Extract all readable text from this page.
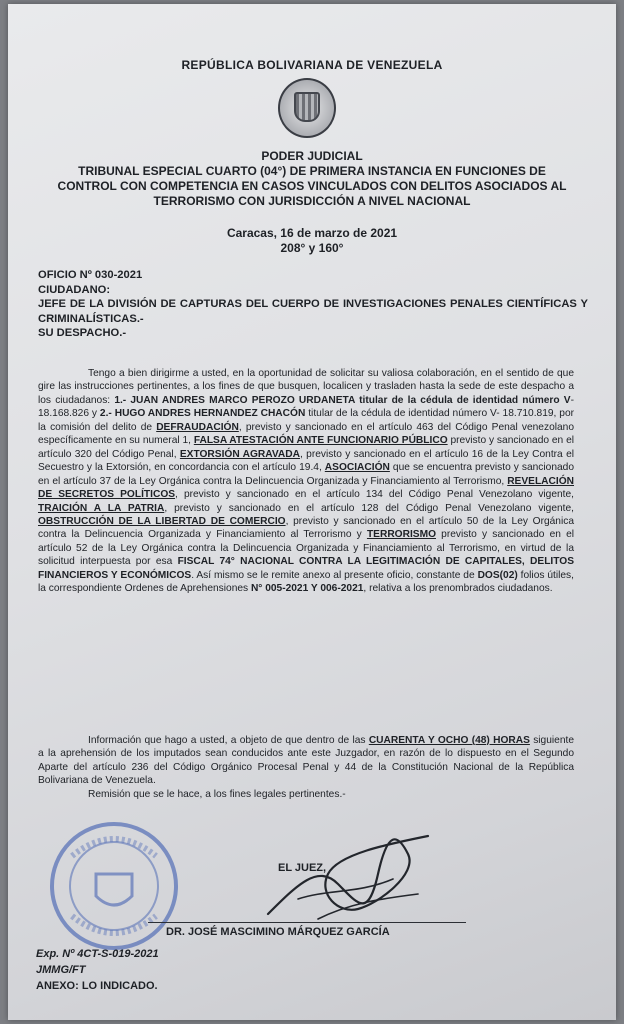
REPÚBLICA BOLIVARIANA DE VENEZUELA
PODER JUDICIAL
TRIBUNAL ESPECIAL CUARTO (04°) DE PRIMERA INSTANCIA EN FUNCIONES DE CONTROL CON COMPETENCIA EN CASOS VINCULADOS CON DELITOS ASOCIADOS AL TERRORISMO CON JURISDICCIÓN A NIVEL NACIONAL
Caracas, 16 de marzo de 2021
208° y 160°
OFICIO Nº 030-2021
CIUDADANO:
JEFE DE LA DIVISIÓN DE CAPTURAS DEL CUERPO DE INVESTIGACIONES PENALES CIENTÍFICAS Y CRIMINALÍSTICAS.-
SU DESPACHO.-
Tengo a bien dirigirme a usted, en la oportunidad de solicitar su valiosa colaboración, en el sentido de que gire las instrucciones pertinentes, a los fines de que busquen, localicen y trasladen hasta la sede de este despacho a los ciudadanos: 1.- JUAN ANDRES MARCO PEROZO URDANETA titular de la cédula de identidad número V-18.168.826 y 2.- HUGO ANDRES HERNANDEZ CHACÓN titular de la cédula de identidad número V- 18.710.819, por la comisión del delito de DEFRAUDACIÓN, previsto y sancionado en el artículo 463 del Código Penal venezolano específicamente en su numeral 1, FALSA ATESTACIÓN ANTE FUNCIONARIO PÚBLICO previsto y sancionado en el artículo 320 del Código Penal, EXTORSIÓN AGRAVADA, previsto y sancionado en el artículo 16 de la Ley Contra el Secuestro y la Extorsión, en concordancia con el artículo 19.4, ASOCIACIÓN que se encuentra previsto y sancionado en el artículo 37 de la Ley Orgánica contra la Delincuencia Organizada y Financiamiento al Terrorismo, REVELACIÓN DE SECRETOS POLÍTICOS, previsto y sancionado en el artículo 134 del Código Penal Venezolano vigente, TRAICIÓN A LA PATRIA, previsto y sancionado en el artículo 128 del Código Penal Venezolano vigente, OBSTRUCCIÓN DE LA LIBERTAD DE COMERCIO, previsto y sancionado en el artículo 50 de la Ley Orgánica contra la Delincuencia Organizada y Financiamiento al Terrorismo y TERRORISMO previsto y sancionado en el artículo 52 de la Ley Orgánica contra la Delincuencia Organizada y Financiamiento al Terrorismo, en virtud de la solicitud interpuesta por esa FISCAL 74° NACIONAL CONTRA LA LEGITIMACIÓN DE CAPITALES, DELITOS FINANCIEROS Y ECONÓMICOS. Así mismo se le remite anexo al presente oficio, constante de DOS(02) folios útiles, la correspondiente Ordenes de Aprehensiones N° 005-2021 Y 006-2021, relativa a los prenombrados ciudadanos.
Información que hago a usted, a objeto de que dentro de las CUARENTA Y OCHO (48) HORAS siguiente a la aprehensión de los imputados sean conducidos ante este Juzgador, en razón de lo dispuesto en el Segundo Aparte del artículo 236 del Código Orgánico Procesal Penal y 44 de la Constitución Nacional de la República Bolivariana de Venezuela.
Remisión que se le hace, a los fines legales pertinentes.-
EL JUEZ,
DR. JOSÉ MASCIMINO MÁRQUEZ GARCÍA
Exp. Nº 4CT-S-019-2021
JMMG/FT
ANEXO: LO INDICADO.
